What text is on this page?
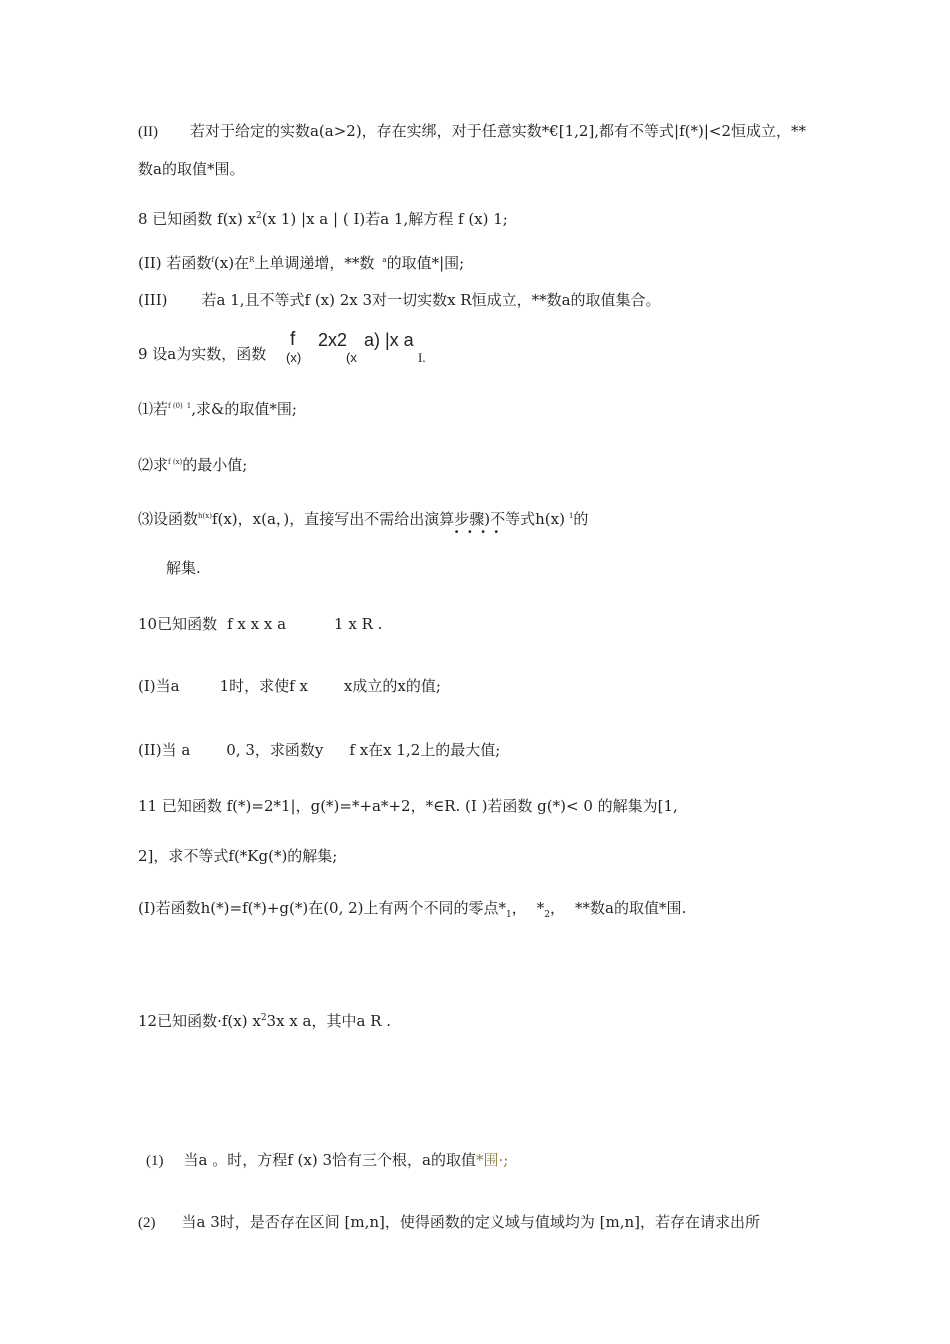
(II) 若对于给定的实数a(a>2)，存在实绑，对于任意实数*€[1,2],都有不等式|f(*)|<2恒成立，**
数a的取值*围。
8 已知函数 f(x) $x^2(x$ 1) |x a | ( I)若a 1,解方程 f (x) 1;
(II) 若函数$^f$(x)在$^R$上单调递增，**数 $^a$的取值*|围;
(III) 若a 1,且不等式f (x) 2x 3对一切实数x R恒成立，**数a的取值集合。
9 设a为实数，函数
f
(x)
2x2
(x
a) |x a
I.
⑴若$^{f (0)}$ $^1$,求&的取值*围;
⑵求$^{f (x)}$的最小值;
⑶设函数$^{h(x)}$f(x)，x(a，)，直接写出不需给出演算步骤)不等式h(x) $^1$的
····
解集.
10已知函数 f x x x a	1 x R .
(I)当a	1时，求使f x x成立的x的值;
(II)当 a 0, 3，求函数y f x在x 1,2上的最大值;
11 已知函数 f(*)=2*1|，g(*)=*+a*+2，*∈R. (I )若函数 g(*)< 0 的解集为[1,
2]，求不等式f(*Kg(*)的解集;
(I)若函数h(*)=f(*)+g(*)在(0, 2)上有两个不同的零点$*_1$， $*_2$， **数a的取值*围.
12已知函数·f(x) $x^23x$ x a，其中a R .
(1) 当a 。时，方程f (x) 3恰有三个根，a的取值*围·;
(2) 当a 3时，是否存在区间 [m,n]，使得函数的定义域与值域均为 [m,n]，若存在请求出所
